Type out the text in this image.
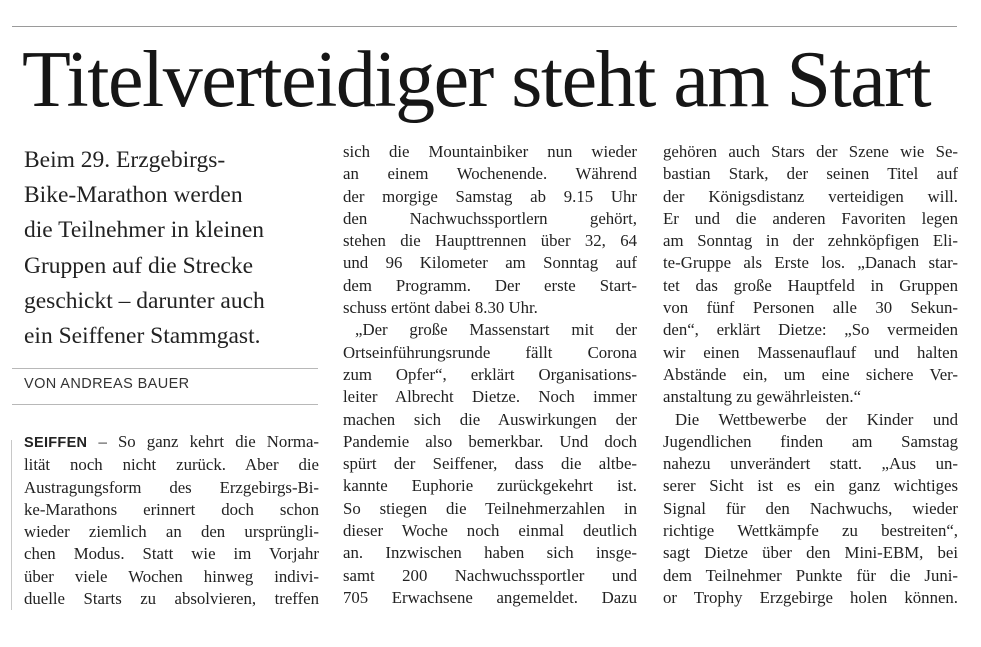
Titelverteidiger steht am Start
Beim 29. Erzgebirgs-
Bike-Marathon werden
die Teilnehmer in kleinen
Gruppen auf die Strecke
geschickt – darunter auch
ein Seiffener Stammgast.
VON ANDREAS BAUER
SEIFFEN – So ganz kehrt die Norma-
lität noch nicht zurück. Aber die
Austragungsform des Erzgebirgs-Bi-
ke-Marathons erinnert doch schon
wieder ziemlich an den ursprüngli-
chen Modus. Statt wie im Vorjahr
über viele Wochen hinweg indivi-
duelle Starts zu absolvieren, treffen
sich die Mountainbiker nun wieder
an einem Wochenende. Während
der morgige Samstag ab 9.15 Uhr
den Nachwuchssportlern gehört,
stehen die Haupttrennen über 32, 64
und 96 Kilometer am Sonntag auf
dem Programm. Der erste Start-
schuss ertönt dabei 8.30 Uhr.
„Der große Massenstart mit der
Ortseinführungsrunde fällt Corona
zum Opfer“, erklärt Organisations-
leiter Albrecht Dietze. Noch immer
machen sich die Auswirkungen der
Pandemie also bemerkbar. Und doch
spürt der Seiffener, dass die altbe-
kannte Euphorie zurückgekehrt ist.
So stiegen die Teilnehmerzahlen in
dieser Woche noch einmal deutlich
an. Inzwischen haben sich insge-
samt 200 Nachwuchssportler und
705 Erwachsene angemeldet. Dazu
gehören auch Stars der Szene wie Se-
bastian Stark, der seinen Titel auf
der Königsdistanz verteidigen will.
Er und die anderen Favoriten legen
am Sonntag in der zehnköpfigen Eli-
te-Gruppe als Erste los. „Danach star-
tet das große Hauptfeld in Gruppen
von fünf Personen alle 30 Sekun-
den“, erklärt Dietze: „So vermeiden
wir einen Massenauflauf und halten
Abstände ein, um eine sichere Ver-
anstaltung zu gewährleisten.“
Die Wettbewerbe der Kinder und
Jugendlichen finden am Samstag
nahezu unverändert statt. „Aus un-
serer Sicht ist es ein ganz wichtiges
Signal für den Nachwuchs, wieder
richtige Wettkämpfe zu bestreiten“,
sagt Dietze über den Mini-EBM, bei
dem Teilnehmer Punkte für die Juni-
or Trophy Erzgebirge holen können.
